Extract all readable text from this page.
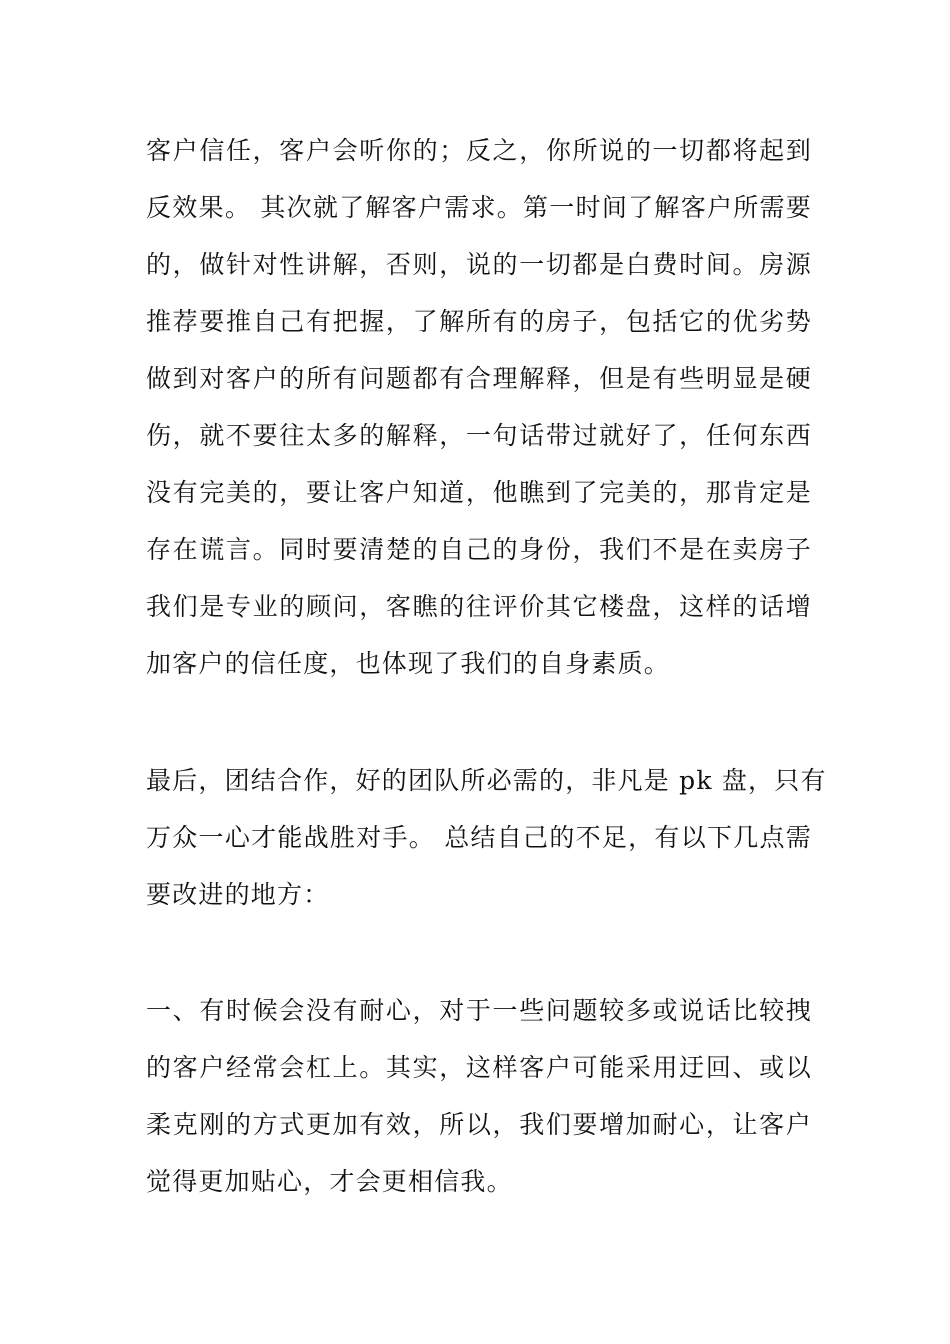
客户信任，客户会听你的；反之，你所说的一切都将起到
反效果。 其次就了解客户需求。第一时间了解客户所需要
的，做针对性讲解，否则，说的一切都是白费时间。房源
推荐要推自己有把握，了解所有的房子，包括它的优劣势
做到对客户的所有问题都有合理解释，但是有些明显是硬
伤，就不要往太多的解释，一句话带过就好了，任何东西
没有完美的，要让客户知道，他瞧到了完美的，那肯定是
存在谎言。同时要清楚的自己的身份，我们不是在卖房子
我们是专业的顾问，客瞧的往评价其它楼盘，这样的话增
加客户的信任度，也体现了我们的自身素质。
最后，团结合作，好的团队所必需的，非凡是 pk 盘，只有
万众一心才能战胜对手。 总结自己的不足，有以下几点需
要改进的地方：
一、有时候会没有耐心，对于一些问题较多或说话比较拽
的客户经常会杠上。其实，这样客户可能采用迂回、或以
柔克刚的方式更加有效，所以，我们要增加耐心，让客户
觉得更加贴心，才会更相信我。
